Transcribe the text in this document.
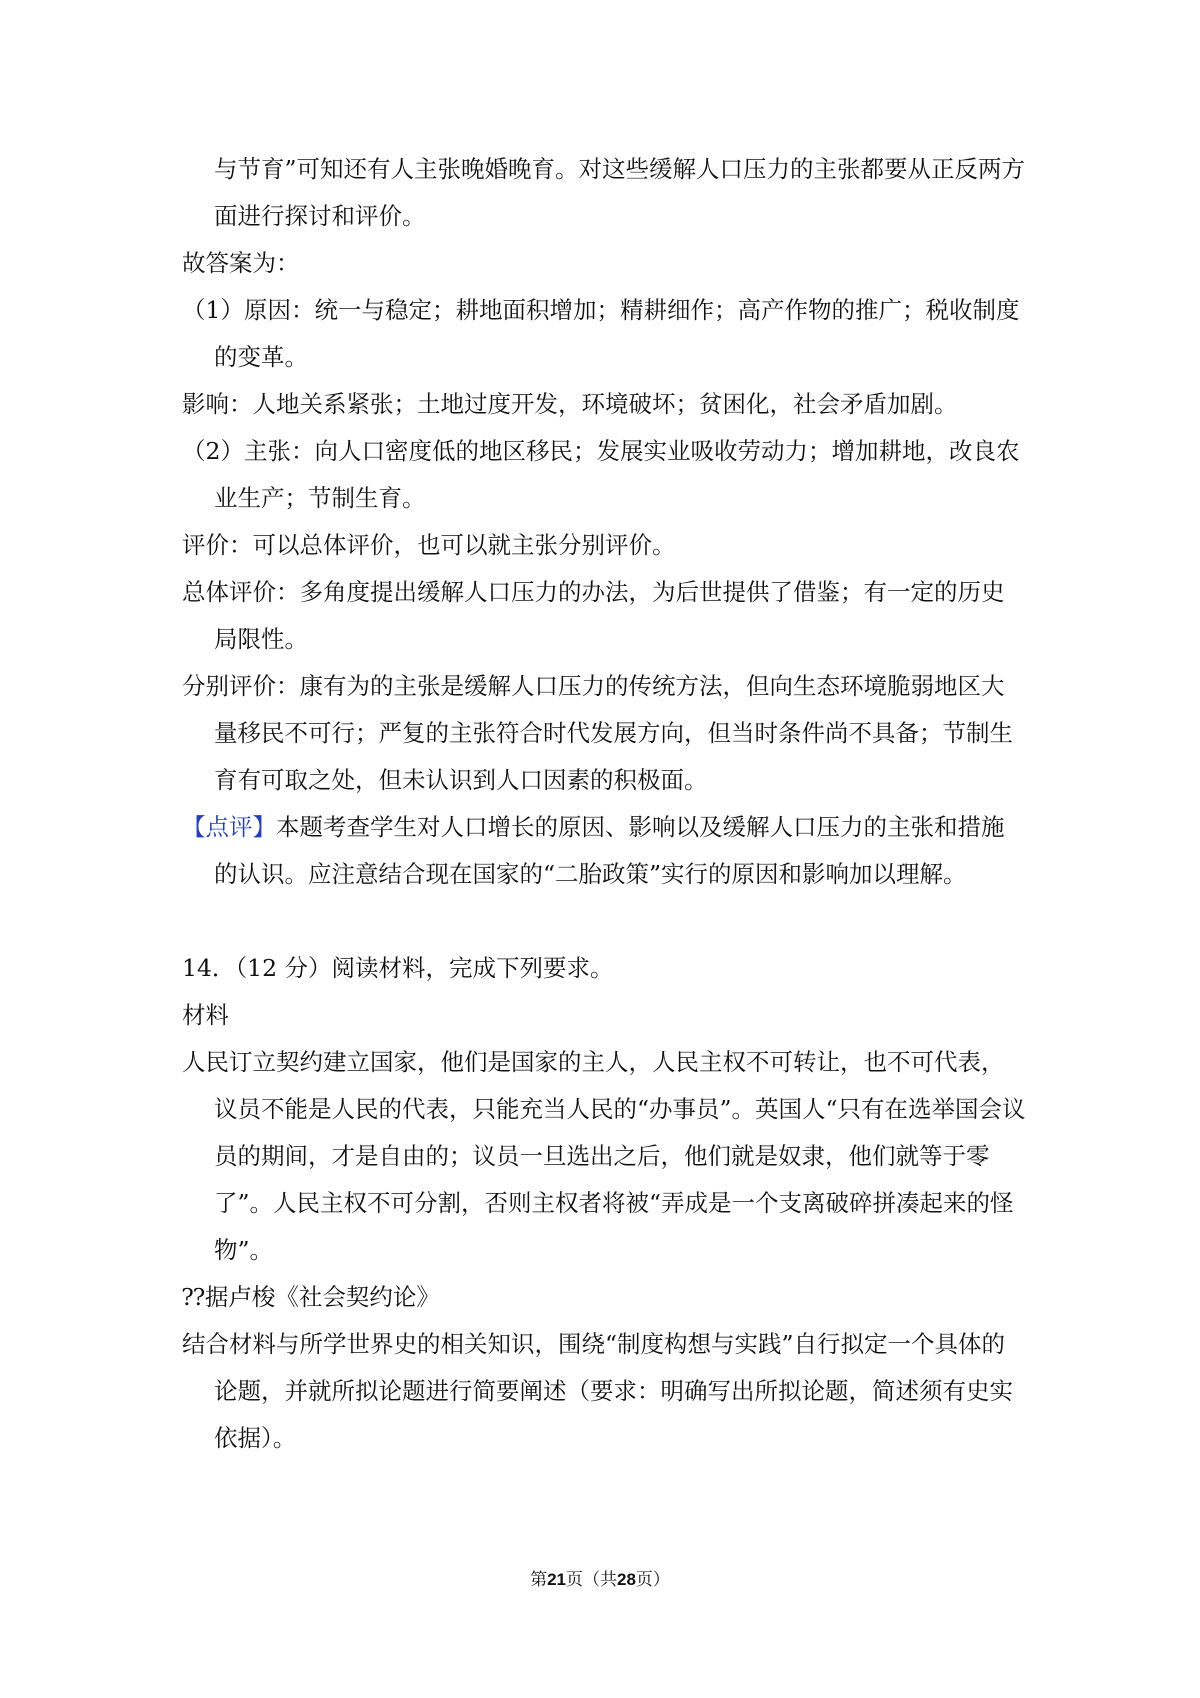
与节育”可知还有人主张晚婚晚育。对这些缓解人口压力的主张都要从正反两方面进行探讨和评价。

故答案为：

（1）原因：统一与稳定；耕地面积增加；精耕细作；高产作物的推广；税收制度的变革。

影响：人地关系紧张；土地过度开发，环境破坏；贫困化，社会矛盾加剧。

（2）主张：向人口密度低的地区移民；发展实业吸收劳动力；增加耕地，改良农业生产；节制生育。

评价：可以总体评价，也可以就主张分别评价。

总体评价：多角度提出缓解人口压力的办法，为后世提供了借鉴；有一定的历史局限性。

分别评价：康有为的主张是缓解人口压力的传统方法，但向生态环境脆弱地区大量移民不可行；严复的主张符合时代发展方向，但当时条件尚不具备；节制生育有可取之处，但未认识到人口因素的积极面。

【点评】本题考查学生对人口增长的原因、影响以及缓解人口压力的主张和措施的认识。应注意结合现在国家的“二胎政策”实行的原因和影响加以理解。

14．（12 分）阅读材料，完成下列要求。

材料

人民订立契约建立国家，他们是国家的主人，人民主权不可转让，也不可代表，议员不能是人民的代表，只能充当人民的“办事员”。英国人“只有在选举国会议员的期间，才是自由的；议员一旦选出之后，他们就是奴隶，他们就等于零了”。人民主权不可分割，否则主权者将被“弄成是一个支离破碎拼凑起来的怪物”。

⁇据卢梭《社会契约论》

结合材料与所学世界史的相关知识，围绕“制度构想与实践”自行拟定一个具体的论题，并就所拟论题进行简要阐述（要求：明确写出所拟论题，简述须有史实依据）。

第21页（共28页）
